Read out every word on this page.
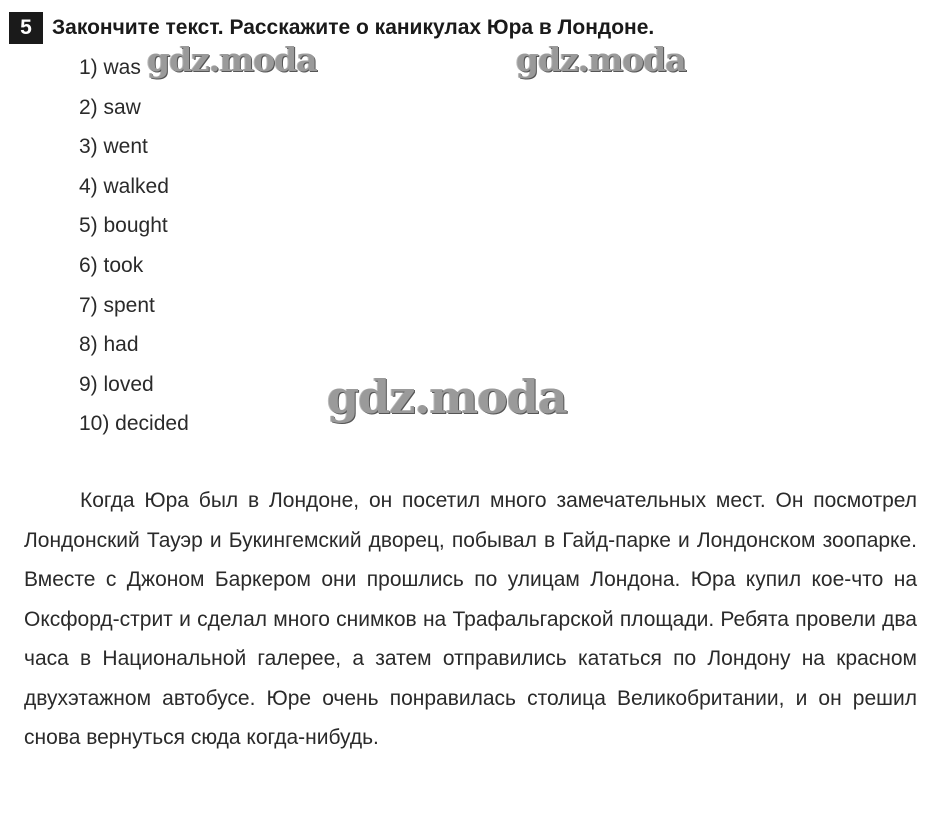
5 Закончите текст. Расскажите о каникулах Юра в Лондоне.
1) was
2) saw
3) went
4) walked
5) bought
6) took
7) spent
8) had
9) loved
10) decided

Когда Юра был в Лондоне, он посетил много замечательных мест. Он посмотрел Лондонский Тауэр и Букингемский дворец, побывал в Гайд-парке и Лондонском зоопарке. Вместе с Джоном Баркером они прошлись по улицам Лондона. Юра купил кое-что на Оксфорд-стрит и сделал много снимков на Трафальгарской площади. Ребята провели два часа в Национальной галерее, а затем отправились кататься по Лондону на красном двухэтажном автобусе. Юре очень понравилась столица Великобритании, и он решил снова вернуться сюда когда-нибудь.

gdz.moda	gdz.moda
gdz.moda
